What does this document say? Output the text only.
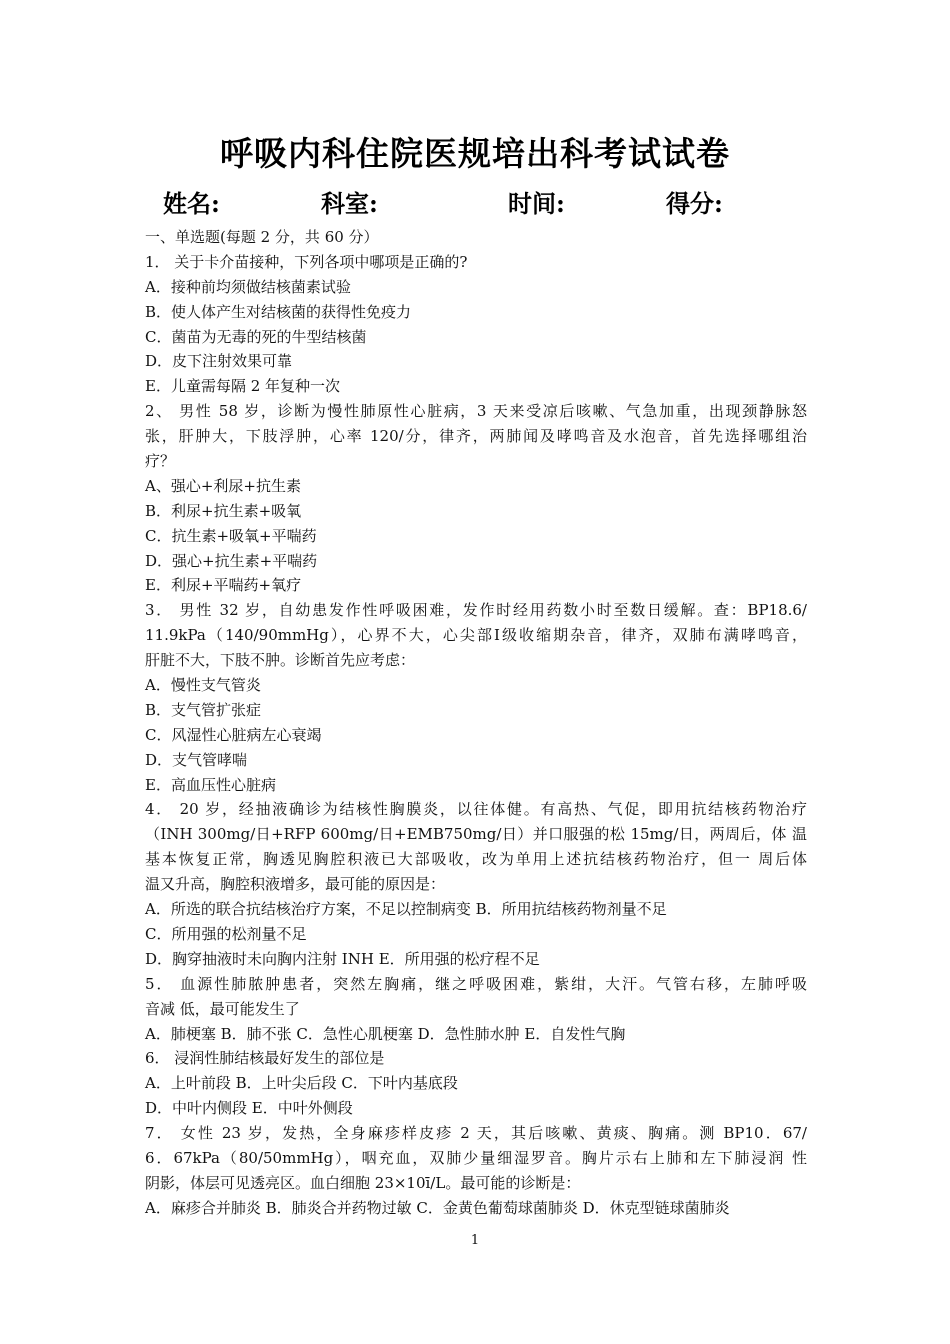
呼吸内科住院医规培出科考试试卷
姓名:	科室:	时间:	得分:
一、单选题(每题 2 分，共 60 分）
1． 关于卡介苗接种，下列各项中哪项是正确的?
A．接种前均须做结核菌素试验
B．使人体产生对结核菌的获得性免疫力
C．菌苗为无毒的死的牛型结核菌
D．皮下注射效果可靠
E．儿童需每隔 2 年复种一次
2、 男性 58 岁，诊断为慢性肺原性心脏病，3 天来受凉后咳嗽、气急加重，出现颈静脉怒
张，肝肿大，下肢浮肿，心率 120/分，律齐，两肺闻及哮鸣音及水泡音，首先选择哪组治
疗？
A、强心+利尿+抗生素
B．利尿+抗生素+吸氧
C．抗生素+吸氧+平喘药
D．强心+抗生素+平喘药
E．利尿+平喘药+氧疗
3． 男性 32 岁，自幼患发作性呼吸困难，发作时经用药数小时至数日缓解。查：BP18.6/
11.9kPa（140/90mmHg），心界不大，心尖部Ⅰ级收缩期杂音，律齐，双肺布满哮鸣音，
肝脏不大，下肢不肿。诊断首先应考虑：
A．慢性支气管炎
B．支气管扩张症
C．风湿性心脏病左心衰竭
D．支气管哮喘
E．高血压性心脏病
4． 20 岁，经抽液确诊为结核性胸膜炎，以往体健。有高热、气促，即用抗结核药物治疗
（INH 300mg/日+RFP 600mg/日+EMB750mg/日）并口服强的松 15mg/日，两周后，体 温
基本恢复正常，胸透见胸腔积液已大部吸收，改为单用上述抗结核药物治疗，但一 周后体
温又升高，胸腔积液增多，最可能的原因是：
A．所选的联合抗结核治疗方案，不足以控制病变 B．所用抗结核药物剂量不足
C．所用强的松剂量不足
D．胸穿抽液时未向胸内注射 INH E．所用强的松疗程不足
5． 血源性肺脓肿患者，突然左胸痛，继之呼吸困难，紫绀，大汗。气管右移，左肺呼吸
音减 低，最可能发生了
A．肺梗塞 B．肺不张 C．急性心肌梗塞 D．急性肺水肿 E．自发性气胸
6． 浸润性肺结核最好发生的部位是
A．上叶前段 B．上叶尖后段 C．下叶内基底段
D．中叶内侧段 E．中叶外侧段
7． 女性 23 岁，发热，全身麻疹样皮疹 2 天，其后咳嗽、黄痰、胸痛。测 BP10．67/
6．67kPa（80/50mmHg），咽充血，双肺少量细湿罗音。胸片示右上肺和左下肺浸润 性
阴影，体层可见透亮区。血白细胞 23×10ī/L。最可能的诊断是：
A．麻疹合并肺炎 B．肺炎合并药物过敏 C．金黄色葡萄球菌肺炎 D．休克型链球菌肺炎
1
